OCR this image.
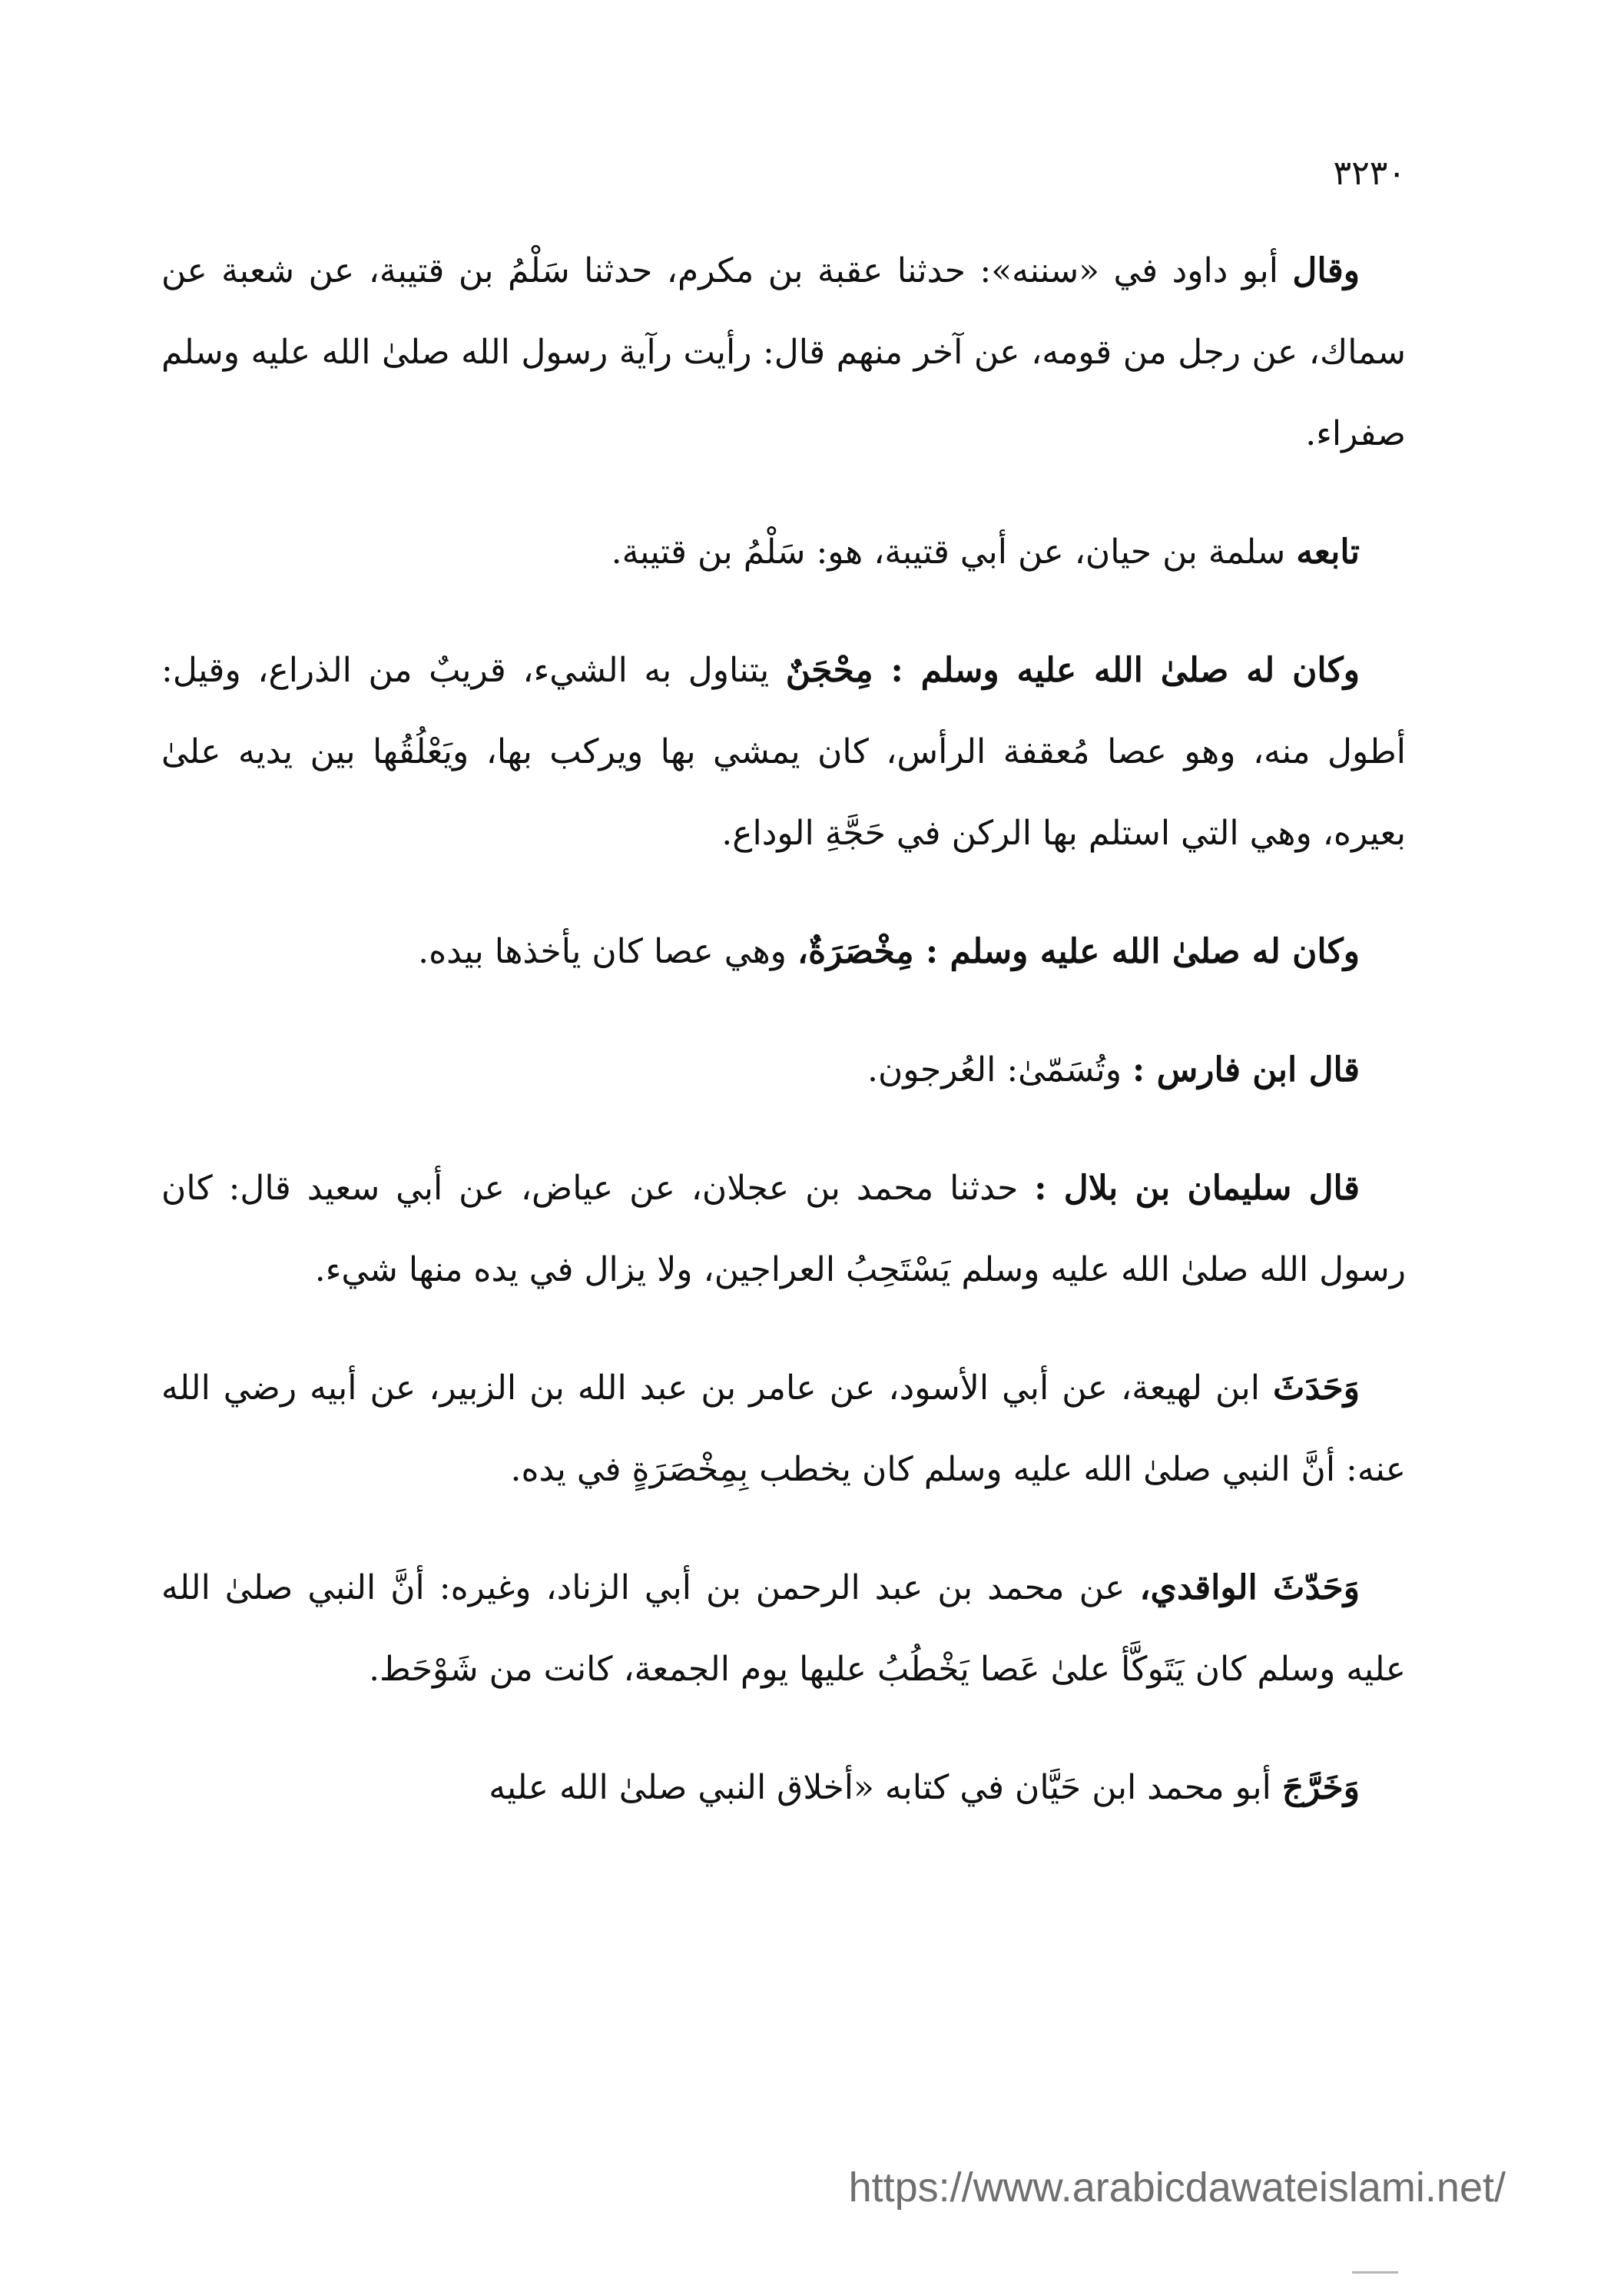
٣٢٣٠

وقال أبو داود في «سننه»: حدثنا عقبة بن مكرم، حدثنا سَلْمُ بن قتيبة، عن شعبة عن سماك، عن رجل من قومه، عن آخر منهم قال: رأيت رآية رسول الله صلىٰ الله عليه وسلم صفراء.

تابعه سلمة بن حيان، عن أبي قتيبة، هو: سَلْمُ بن قتيبة.

وكان له صلىٰ الله عليه وسلم : مِحْجَنٌ يتناول به الشيء، قريبٌ من الذراع، وقيل: أطول منه، وهو عصا مُعقفة الرأس، كان يمشي بها ويركب بها، ويَعْلُقُها بين يديه علىٰ بعيره، وهي التي استلم بها الركن في حَجَّةِ الوداع.

وكان له صلىٰ الله عليه وسلم : مِخْصَرَةٌ، وهي عصا كان يأخذها بيده.

قال ابن فارس : وتُسَمّىٰ: العُرجون.

قال سليمان بن بلال : حدثنا محمد بن عجلان، عن عياض، عن أبي سعيد قال: كان رسول الله صلىٰ الله عليه وسلم يَسْتَحِبُ العراجين، ولا يزال في يده منها شيء.

وَحَدَثَ ابن لهيعة، عن أبي الأسود، عن عامر بن عبد الله بن الزبير، عن أبيه رضي الله عنه: أنَّ النبي صلىٰ الله عليه وسلم كان يخطب بِمِخْصَرَةٍ في يده.

وَحَدّثَ الواقدي، عن محمد بن عبد الرحمن بن أبي الزناد، وغيره: أنَّ النبي صلىٰ الله عليه وسلم كان يَتَوكَّأ علىٰ عَصا يَخْطُبُ عليها يوم الجمعة، كانت من شَوْحَط.

وَخَرَّجَ أبو محمد ابن حَيَّان في كتابه «أخلاق النبي صلىٰ الله عليه

https://www.arabicdawateislami.net/
